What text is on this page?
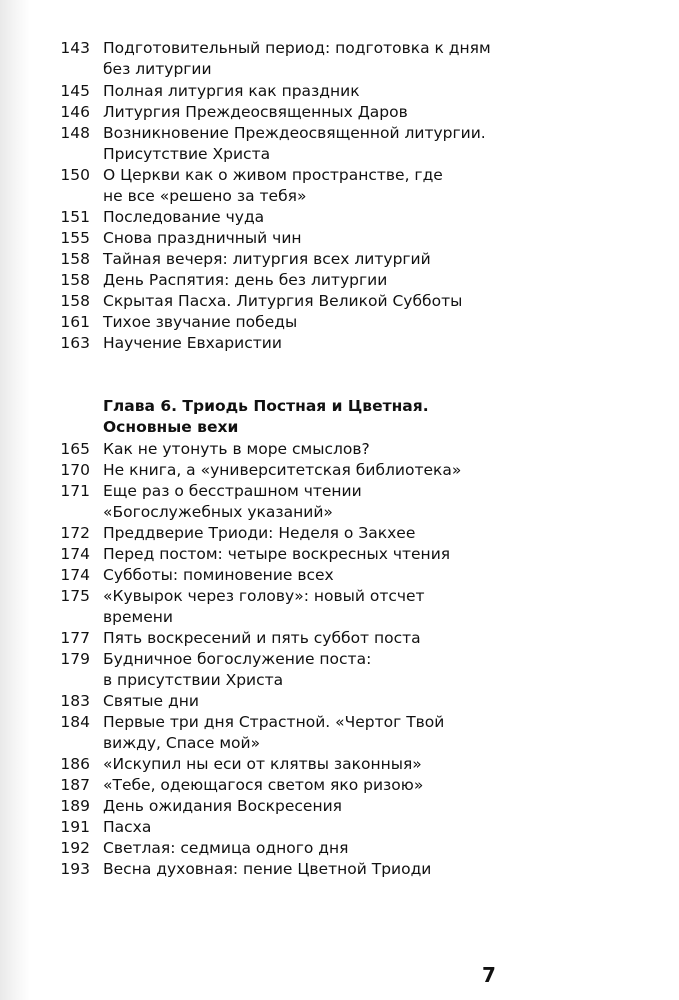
143 Подготовительный период: подготовка к дням
без литургии
145 Полная литургия как праздник
146 Литургия Преждеосвященных Даров
148 Возникновение Преждеосвященной литургии.
Присутствие Христа
150 О Церкви как о живом пространстве, где
не все «решено за тебя»
151 Последование чуда
155 Снова праздничный чин
158 Тайная вечеря: литургия всех литургий
158 День Распятия: день без литургии
158 Скрытая Пасха. Литургия Великой Субботы
161 Тихое звучание победы
163 Научение Евхаристии
Глава 6. Триодь Постная и Цветная.
Основные вехи
165 Как не утонуть в море смыслов?
170 Не книга, а «университетская библиотека»
171 Еще раз о бесстрашном чтении
«Богослужебных указаний»
172 Преддверие Триоди: Неделя о Закхее
174 Перед постом: четыре воскресных чтения
174 Субботы: поминовение всех
175 «Кувырок через голову»: новый отсчет
времени
177 Пять воскресений и пять суббот поста
179 Будничное богослужение поста:
в присутствии Христа
183 Святые дни
184 Первые три дня Страстной. «Чертог Твой
вижду, Спасе мой»
186 «Искупил ны еси от клятвы законныя»
187 «Тебе, одеющагося светом яко ризою»
189 День ожидания Воскресения
191 Пасха
192 Светлая: седмица одного дня
193 Весна духовная: пение Цветной Триоди
7
